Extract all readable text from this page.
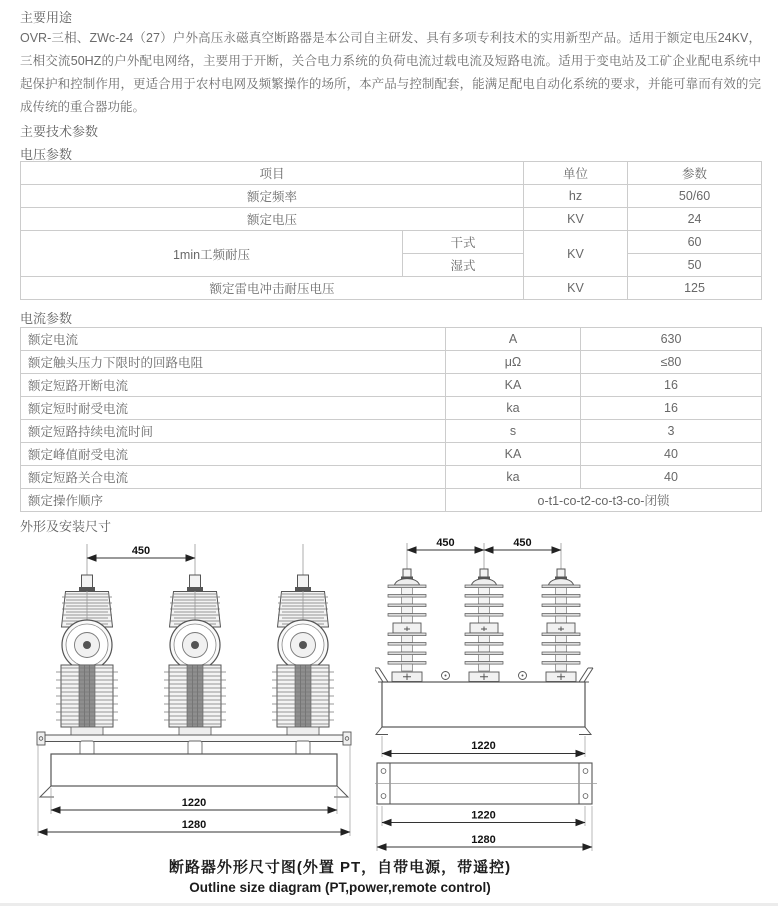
主要用途
OVR-三相、ZWc-24（27）户外高压永磁真空断路器是本公司自主研发、具有多项专利技术的实用新型产品。适用于额定电压24KV，三相交流50HZ的户外配电网络，主要用于开断，关合电力系统的负荷电流过载电流及短路电流。适用于变电站及工矿企业配电系统中起保护和控制作用，更适合用于农村电网及频繁操作的场所，本产品与控制配套，能满足配电自动化系统的要求，并能可靠而有效的完成传统的重合器功能。
主要技术参数
电压参数
项目		单位	参数
额定频率		hz	50/60
额定电压		KV	24
1min工频耐压	干式	KV	60
	湿式		50
额定雷电冲击耐压电压		KV	125
电流参数
额定电流	A	630
额定触头压力下限时的回路电阻	μΩ	≤80
额定短路开断电流	KA	16
额定短时耐受电流	ka	16
额定短路持续电流时间	s	3
额定峰值耐受电流	KA	40
额定短路关合电流	ka	40
额定操作顺序	o-t1-co-t2-co-t3-co-闭锁	
外形及安装尺寸
450
1220
1280
450	450
1220
1220
1280
断路器外形尺寸图(外置 PT，自带电源，带遥控)
Outline size diagram (PT,power,remote control)
